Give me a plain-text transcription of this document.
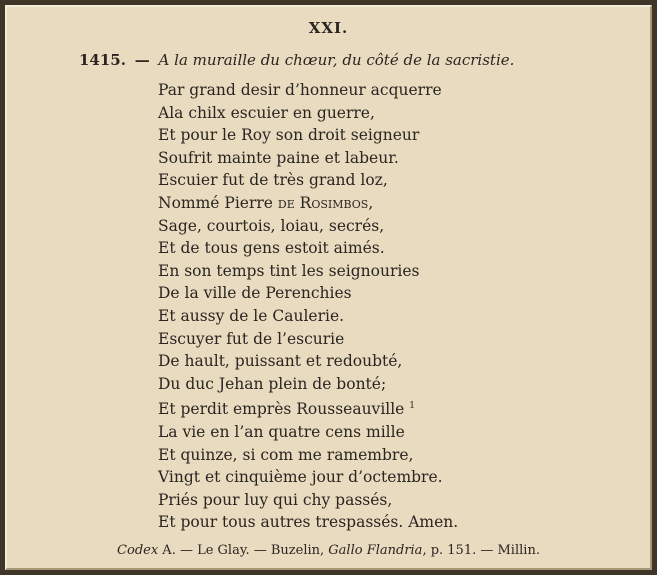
XXI.
1415. — A la muraille du chœur, du côté de la sacristie.
Par grand desir d’honneur acquerre
Ala chilx escuier en guerre,
Et pour le Roy son droit seigneur
Soufrit mainte paine et labeur.
Escuier fut de très grand loz,
Nommé Pierre de Rosimbos,
Sage, courtois, loiau, secrés,
Et de tous gens estoit aimés.
En son temps tint les seignouries
De la ville de Perenchies
Et aussy de le Caulerie.
Escuyer fut de l’escurie
De hault, puissant et redoubté,
Du duc Jehan plein de bonté;
Et perdit emprès Rousseauville $^1$
La vie en l’an quatre cens mille
Et quinze, si com me ramembre,
Vingt et cinquième jour d’octembre.
Priés pour luy qui chy passés,
Et pour tous autres trespassés. Amen.
Codex A. — Le Glay. — Buzelin, Gallo Flandria, p. 151. — Millin.
